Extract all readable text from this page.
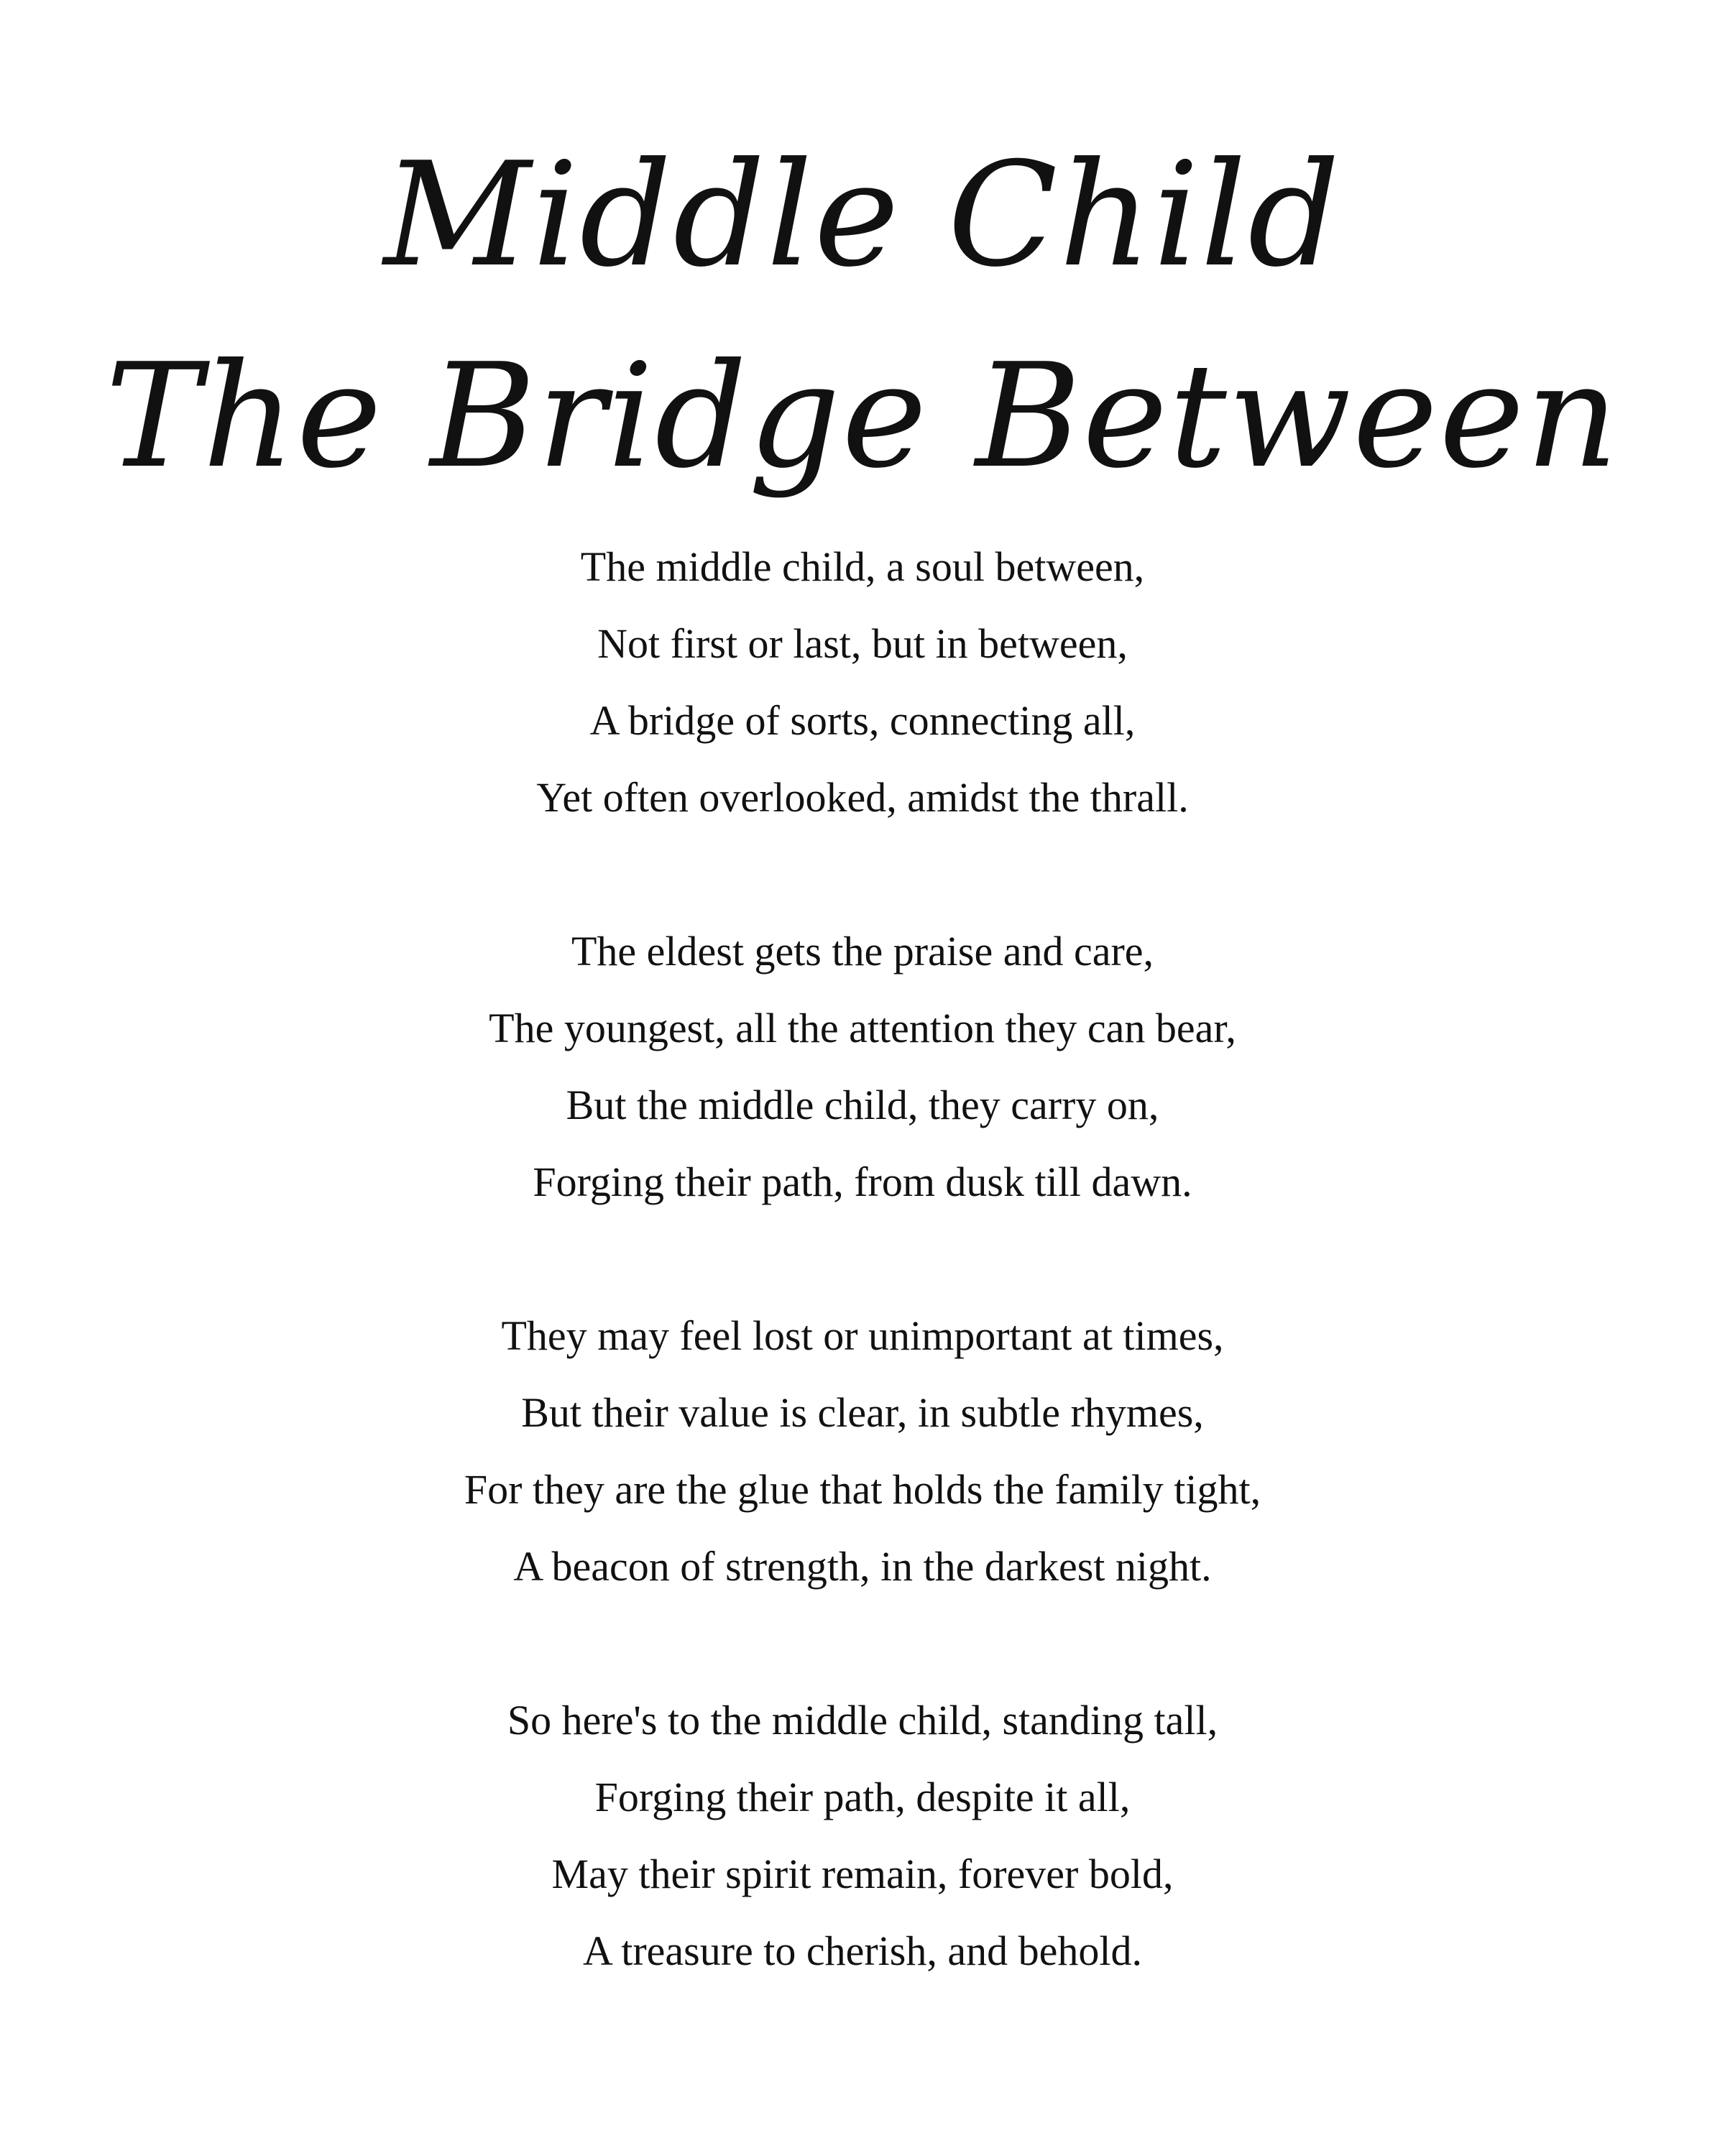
Middle Child
The Bridge Between
The middle child, a soul between,
Not first or last, but in between,
A bridge of sorts, connecting all,
Yet often overlooked, amidst the thrall.
The eldest gets the praise and care,
The youngest, all the attention they can bear,
But the middle child, they carry on,
Forging their path, from dusk till dawn.
They may feel lost or unimportant at times,
But their value is clear, in subtle rhymes,
For they are the glue that holds the family tight,
A beacon of strength, in the darkest night.
So here's to the middle child, standing tall,
Forging their path, despite it all,
May their spirit remain, forever bold,
A treasure to cherish, and behold.
